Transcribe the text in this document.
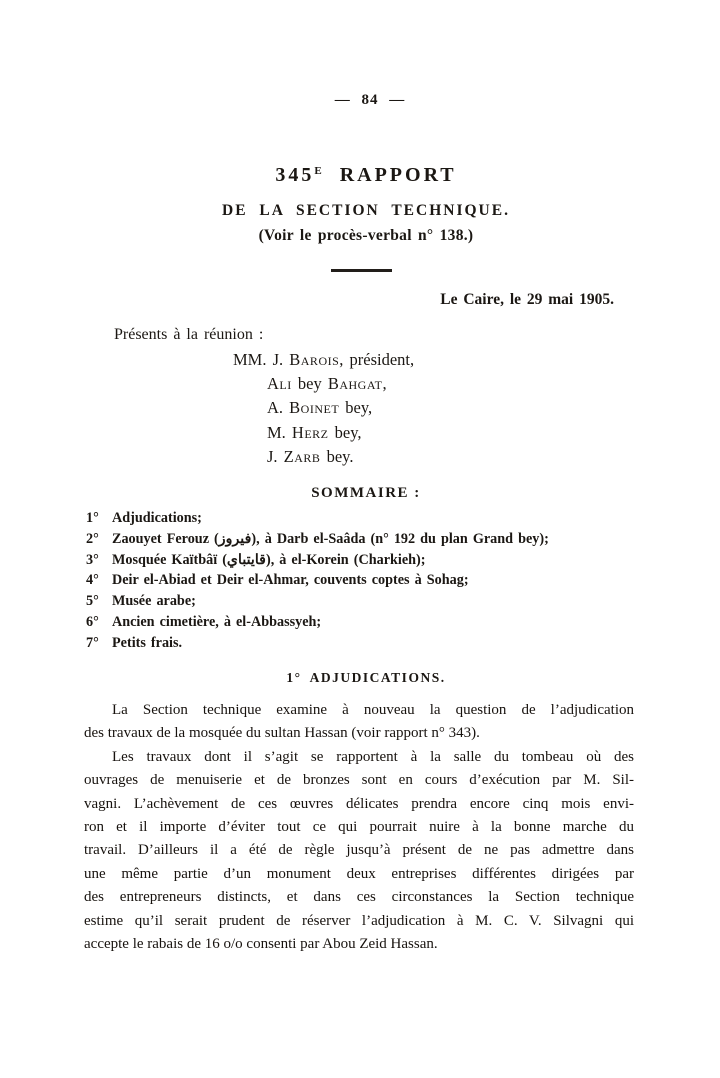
— 84 —
$345^E$ RAPPORT
DE LA SECTION TECHNIQUE.
(Voir le procès-verbal n° 138.)
Le Caire, le 29 mai 1905.
Présents à la réunion :
MM. J. Barois, président,
Ali bey Bahgat,
A. Boinet bey,
M. Herz bey,
J. Zarb bey.
SOMMAIRE :
1° Adjudications;
2° Zaouyet Ferouz (فيروز), à Darb el-Saâda (n° 192 du plan Grand bey);
3° Mosquée Kaïtbâï (قايتباي), à el-Korein (Charkieh);
4° Deir el-Abiad et Deir el-Ahmar, couvents coptes à Sohag;
5° Musée arabe;
6° Ancien cimetière, à el-Abbassyeh;
7° Petits frais.
1° ADJUDICATIONS.
La Section technique examine à nouveau la question de l’adjudication
des travaux de la mosquée du sultan Hassan (voir rapport n° 343).
Les travaux dont il s’agit se rapportent à la salle du tombeau où des
ouvrages de menuiserie et de bronzes sont en cours d’exécution par M. Sil-
vagni. L’achèvement de ces œuvres délicates prendra encore cinq mois envi-
ron et il importe d’éviter tout ce qui pourrait nuire à la bonne marche du
travail. D’ailleurs il a été de règle jusqu’à présent de ne pas admettre dans
une même partie d’un monument deux entreprises différentes dirigées par
des entrepreneurs distincts, et dans ces circonstances la Section technique
estime qu’il serait prudent de réserver l’adjudication à M. C. V. Silvagni qui
accepte le rabais de 16 o/o consenti par Abou Zeid Hassan.
